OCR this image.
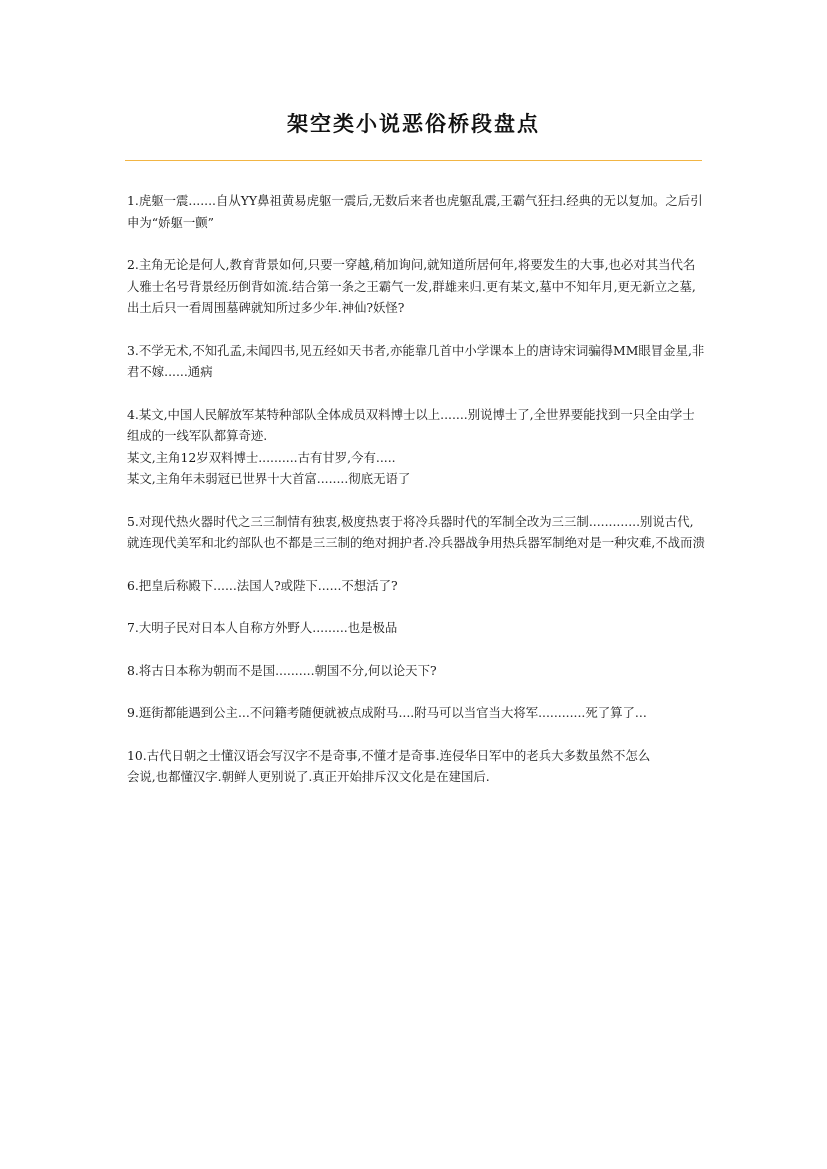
架空类小说恶俗桥段盘点
1.虎躯一震.......自从YY鼻祖黄易虎躯一震后,无数后来者也虎躯乱震,王霸气狂扫.经典的无以复加。之后引申为“娇躯一颤”
2.主角无论是何人,教育背景如何,只要一穿越,稍加询问,就知道所居何年,将要发生的大事,也必对其当代名人雅士名号背景经历倒背如流.结合第一条之王霸气一发,群雄来归.更有某文,墓中不知年月,更无新立之墓,出土后只一看周围墓碑就知所过多少年.神仙?妖怪?
3.不学无术,不知孔孟,未闻四书,见五经如天书者,亦能靠几首中小学课本上的唐诗宋词骗得MM眼冒金星,非君不嫁......通病
4.某文,中国人民解放军某特种部队全体成员双料博士以上.......别说博士了,全世界要能找到一只全由学士组成的一线军队都算奇迹.
某文,主角12岁双料博士..........古有甘罗,今有.....
某文,主角年未弱冠已世界十大首富........彻底无语了
5.对现代热火器时代之三三制情有独衷,极度热衷于将冷兵器时代的军制全改为三三制.............别说古代,就连现代美军和北约部队也不都是三三制的绝对拥护者.冷兵器战争用热兵器军制绝对是一种灾难,不战而溃
6.把皇后称殿下......法国人?或陛下......不想活了?
7.大明子民对日本人自称方外野人.........也是极品
8.将古日本称为朝而不是国..........朝国不分,何以论天下?
9.逛街都能遇到公主...不问籍考随便就被点成附马....附马可以当官当大将军............死了算了...
10.古代日朝之士懂汉语会写汉字不是奇事,不懂才是奇事.连侵华日军中的老兵大多数虽然不怎么
会说,也都懂汉字.朝鲜人更别说了.真正开始排斥汉文化是在建国后.
